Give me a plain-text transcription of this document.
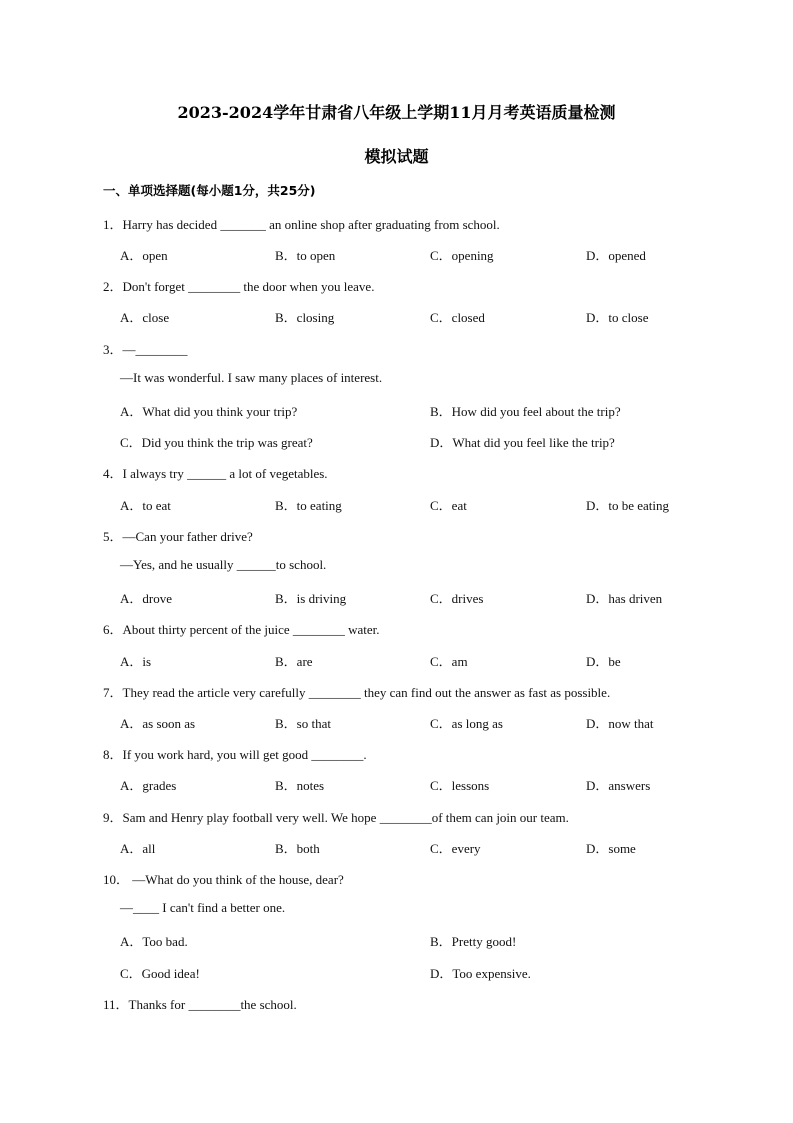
2023-2024学年甘肃省八年级上学期11月月考英语质量检测
模拟试题
一、单项选择题(每小题1分，共25分)
1．Harry has decided _______ an online shop after graduating from school.
A．open	B．to open	C．opening	D．opened
2．Don't forget ________ the door when you leave.
A．close	B．closing	C．closed	D．to close
3．—________
—It was wonderful. I saw many places of interest.
A．What did you think your trip?	B．How did you feel about the trip?
C．Did you think the trip was great?	D．What did you feel like the trip?
4．I always try ______ a lot of vegetables.
A．to eat	B．to eating	C．eat	D．to be eating
5．—Can your father drive?
—Yes, and he usually ______to school.
A．drove	B．is driving	C．drives	D．has driven
6．About thirty percent of the juice ________ water.
A．is	B．are	C．am	D．be
7．They read the article very carefully ________ they can find out the answer as fast as possible.
A．as soon as	B．so that	C．as long as	D．now that
8．If you work hard, you will get good ________.
A．grades	B．notes	C．lessons	D．answers
9．Sam and Henry play football very well. We hope ________of them can join our team.
A．all	B．both	C．every	D．some
10． —What do you think of the house, dear?
—____ I can't find a better one.
A．Too bad.	B．Pretty good!
C．Good idea!	D．Too expensive.
11．Thanks for ________the school.
